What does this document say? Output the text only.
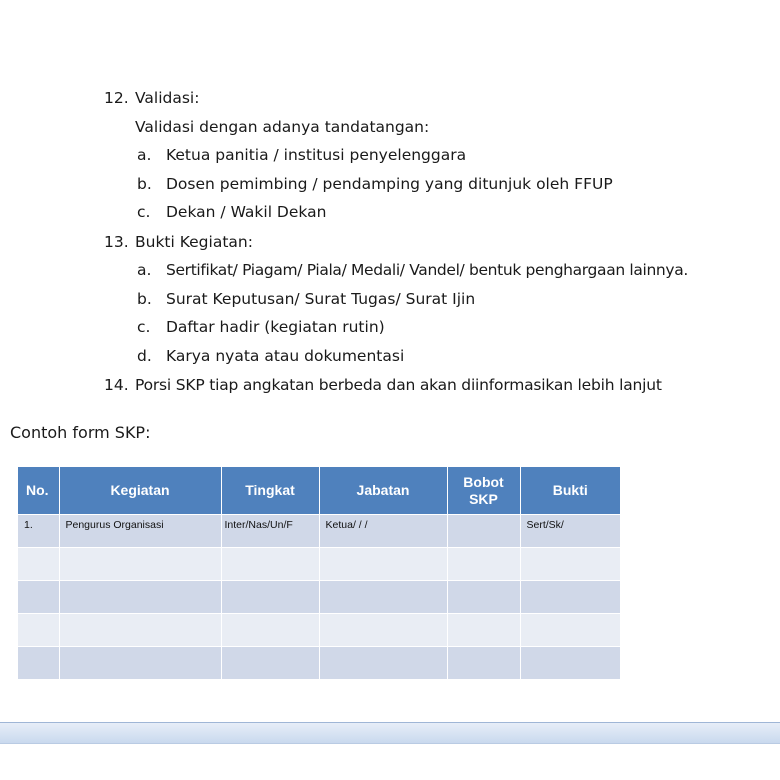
12. Validasi:
Validasi dengan adanya tandatangan:
a. Ketua panitia / institusi penyelenggara
b. Dosen pemimbing / pendamping yang ditunjuk oleh FFUP
c. Dekan / Wakil Dekan
13. Bukti Kegiatan:
a. Sertifikat/ Piagam/ Piala/ Medali/ Vandel/ bentuk penghargaan lainnya.
b. Surat Keputusan/ Surat Tugas/ Surat Ijin
c. Daftar hadir (kegiatan rutin)
d. Karya nyata atau dokumentasi
14. Porsi SKP tiap angkatan berbeda dan akan diinformasikan lebih lanjut
Contoh form SKP:
No.	Kegiatan	Tingkat	Jabatan	Bobot SKP	Bukti
1.	Pengurus Organisasi	Inter/Nas/Un/F	Ketua/ / /		Sert/Sk/
